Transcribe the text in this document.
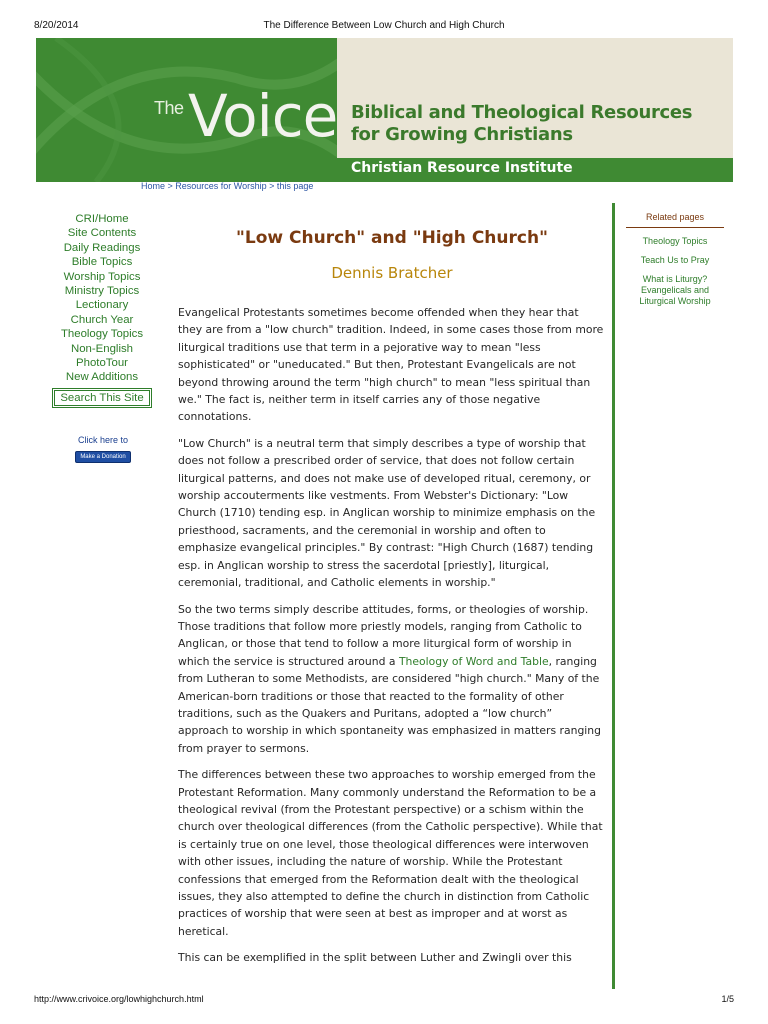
8/20/2014	The Difference Between Low Church and High Church
The Voice Biblical and Theological Resources
for Growing Christians
Christian Resource Institute
Home > Resources for Worship > this page
CRI/Home
Site Contents
Daily Readings
Bible Topics
Worship Topics
Ministry Topics
Lectionary
Church Year
Theology Topics
Non-English
PhotoTour
New Additions
Search This Site
Click here to
Make a Donation
"Low Church" and "High Church"
Dennis Bratcher

Evangelical Protestants sometimes become offended when they hear that they are from a "low church" tradition. Indeed, in some cases those from more liturgical traditions use that term in a pejorative way to mean "less sophisticated" or "uneducated." But then, Protestant Evangelicals are not beyond throwing around the term "high church" to mean "less spiritual than we." The fact is, neither term in itself carries any of those negative connotations.

"Low Church" is a neutral term that simply describes a type of worship that does not follow a prescribed order of service, that does not follow certain liturgical patterns, and does not make use of developed ritual, ceremony, or worship accouterments like vestments. From Webster's Dictionary: "Low Church (1710) tending esp. in Anglican worship to minimize emphasis on the priesthood, sacraments, and the ceremonial in worship and often to emphasize evangelical principles." By contrast: "High Church (1687) tending esp. in Anglican worship to stress the sacerdotal [priestly], liturgical, ceremonial, traditional, and Catholic elements in worship."

So the two terms simply describe attitudes, forms, or theologies of worship. Those traditions that follow more priestly models, ranging from Catholic to Anglican, or those that tend to follow a more liturgical form of worship in which the service is structured around a Theology of Word and Table, ranging from Lutheran to some Methodists, are considered "high church." Many of the American-born traditions or those that reacted to the formality of other traditions, such as the Quakers and Puritans, adopted a “low church” approach to worship in which spontaneity was emphasized in matters ranging from prayer to sermons.

The differences between these two approaches to worship emerged from the Protestant Reformation. Many commonly understand the Reformation to be a theological revival (from the Protestant perspective) or a schism within the church over theological differences (from the Catholic perspective). While that is certainly true on one level, those theological differences were interwoven with other issues, including the nature of worship. While the Protestant confessions that emerged from the Reformation dealt with the theological issues, they also attempted to define the church in distinction from Catholic practices of worship that were seen at best as improper and at worst as heretical.

This can be exemplified in the split between Luther and Zwingli over this

Related pages
Theology Topics
Teach Us to Pray
What is Liturgy? Evangelicals and Liturgical Worship
http://www.crivoice.org/lowhighchurch.html	1/5
